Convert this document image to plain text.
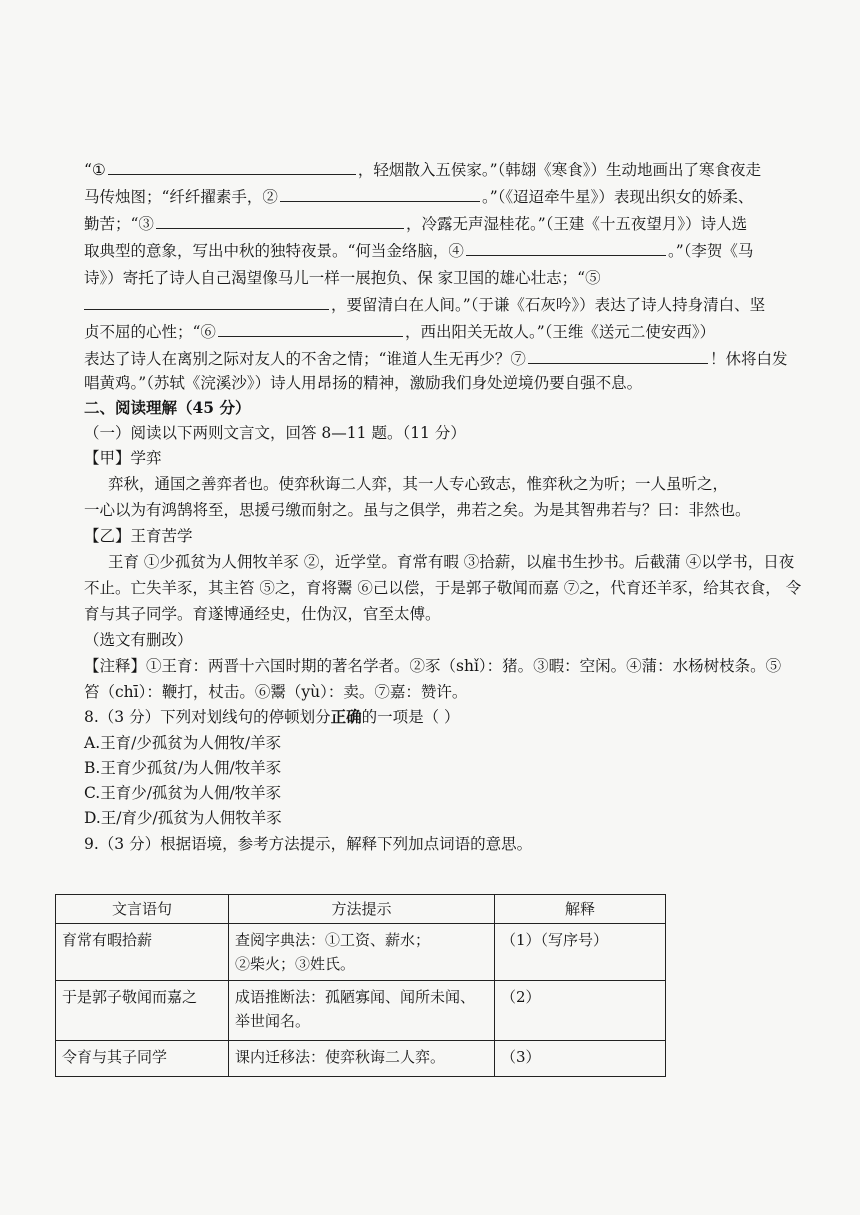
“①	，轻烟散入五侯家。”（韩翃《寒食》）生动地画出了寒食夜走
马传烛图；“纤纤擢素手，②	。”（《迢迢牵牛星》）表现出织女的娇柔、
勤苦；“③	，冷露无声湿桂花。”（王建《十五夜望月》）诗人选
取典型的意象，写出中秋的独特夜景。“何当金络脑，④	。”（李贺《马
诗》）寄托了诗人自己渴望像马儿一样一展抱负、保 家卫国的雄心壮志；“⑤
，要留清白在人间。”（于谦《石灰吟》）表达了诗人持身清白、坚
贞不屈的心性；“⑥	，西出阳关无故人。”（王维《送元二使安西》）
表达了诗人在离别之际对友人的不舍之情；“谁道人生无再少？⑦	！休将白发
唱黄鸡。”（苏轼《浣溪沙》）诗人用昂扬的精神，激励我们身处逆境仍要自强不息。
二、阅读理解（45 分）
（一）阅读以下两则文言文，回答 8—11 题。（11 分）
【甲】学弈
弈秋，通国之善弈者也。使弈秋诲二人弈，其一人专心致志，惟弈秋之为听；一人虽听之，
一心以为有鸿鹄将至，思援弓缴而射之。虽与之俱学，弗若之矣。为是其智弗若与？曰：非然也。
【乙】王育苦学
王育 ①少孤贫为人佣牧羊豕 ②，近学堂。育常有暇 ③拾薪，以雇书生抄书。后截蒲 ④以学书，日夜
不止。亡失羊豕，其主笞 ⑤之，育将鬻 ⑥己以偿，于是郭子敬闻而嘉 ⑦之，代育还羊豕，给其衣食， 令
育与其子同学。育遂博通经史，仕伪汉，官至太傅。
（选文有删改）
【注释】①王育：两晋十六国时期的著名学者。②豕（shǐ）：猪。③暇：空闲。④蒲：水杨树枝条。⑤
笞（chī）：鞭打，杖击。⑥鬻（yù）：卖。⑦嘉：赞许。
8.（3 分）下列对划线句的停顿划分正确的一项是（ ）
A.王育/少孤贫为人佣牧/羊豕
B.王育少孤贫/为人佣/牧羊豕
C.王育少/孤贫为人佣/牧羊豕
D.王/育少/孤贫为人佣牧羊豕
9.（3 分）根据语境，参考方法提示，解释下列加点词语的意思。
文言语句	方法提示	解释
育常有暇拾薪	查阅字典法：①工资、薪水；
②柴火；③姓氏。	（1）（写序号）
于是郭子敬闻而嘉之	成语推断法：孤陋寡闻、闻所未闻、
举世闻名。	（2）
令育与其子同学	课内迁移法：使弈秋诲二人弈。	（3）
